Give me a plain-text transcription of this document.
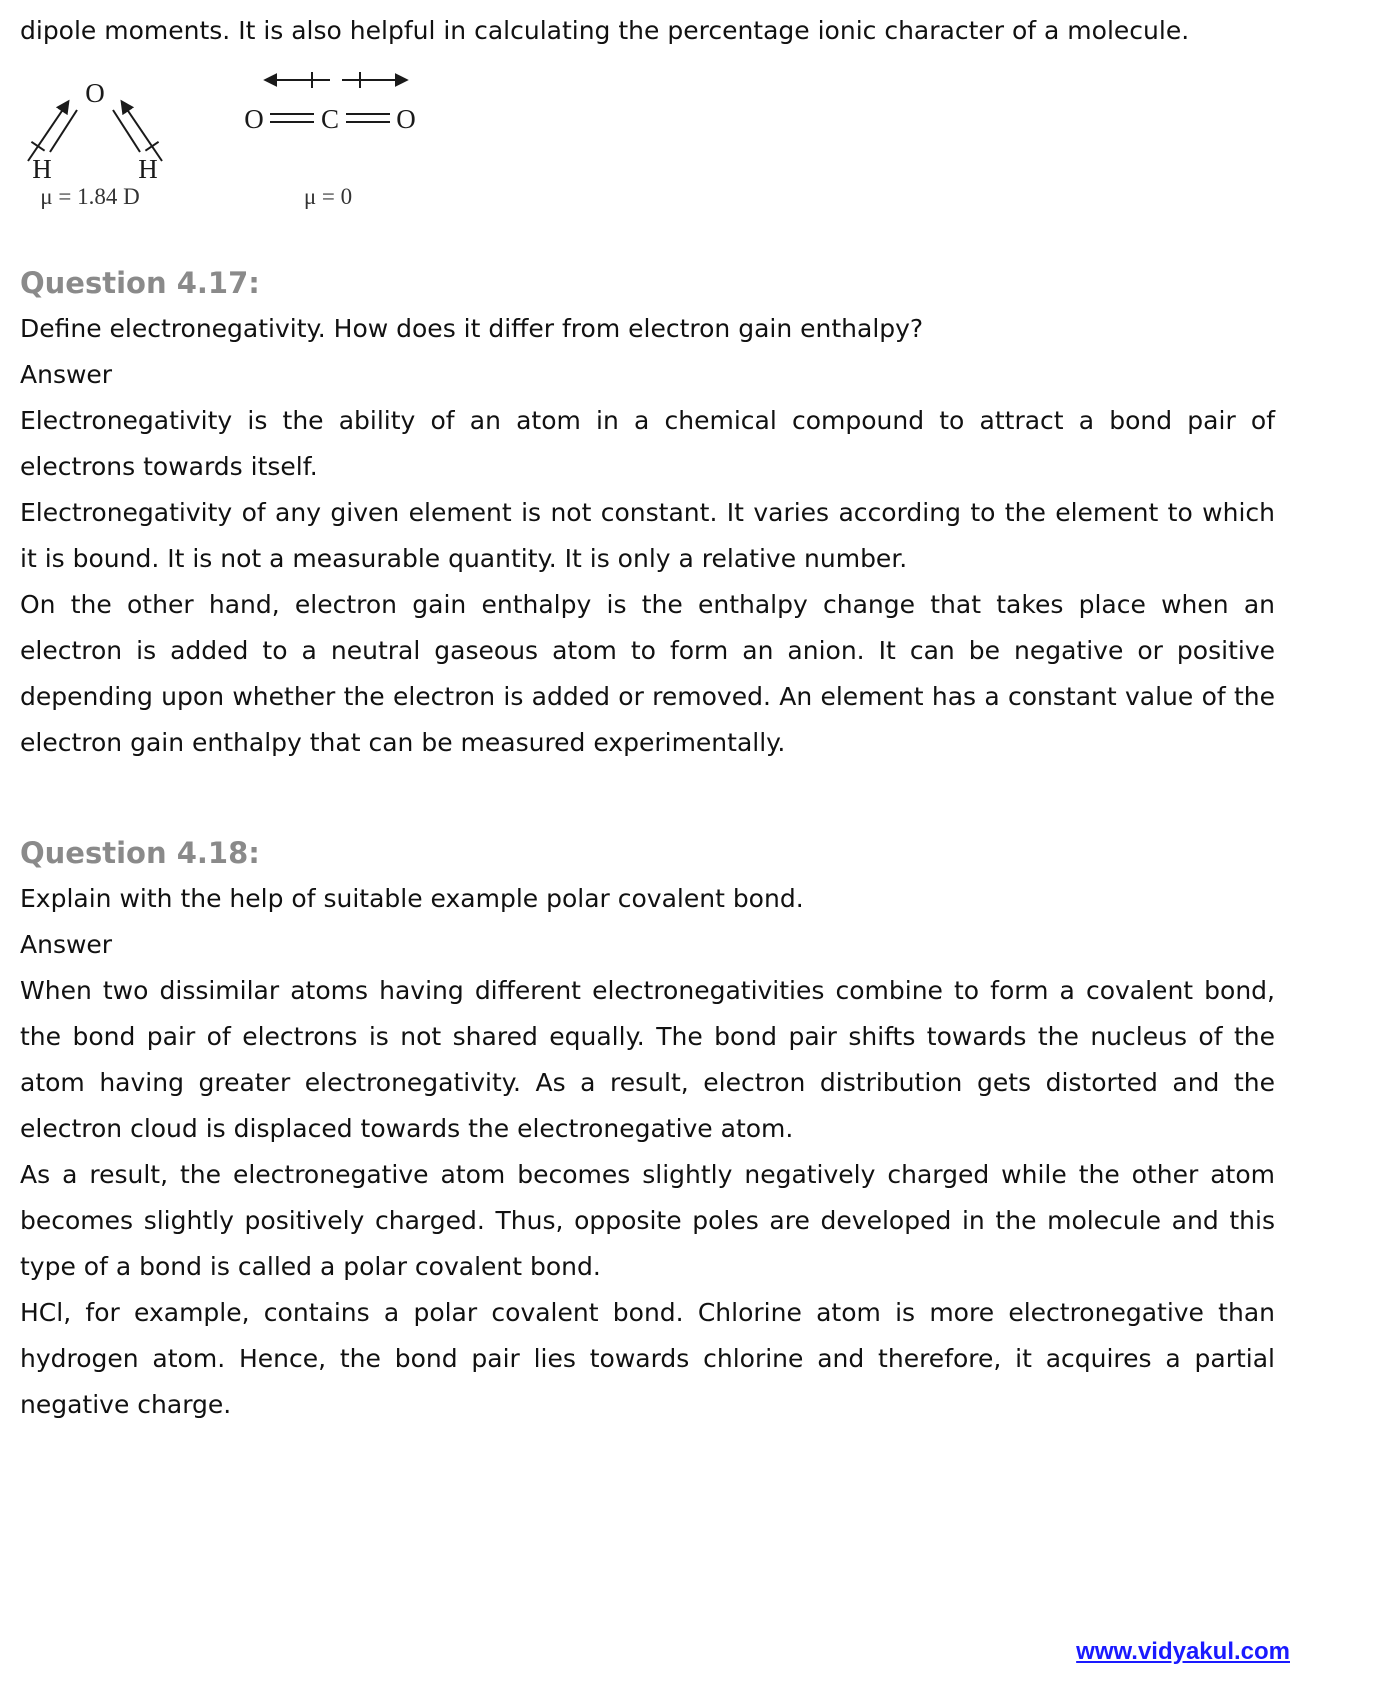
dipole moments. It is also helpful in calculating the percentage ionic character of a molecule.

O
H	H
μ = 1.84 D
O C O
μ = 0
Question 4.17:

Define electronegativity. How does it differ from electron gain enthalpy?

Answer

Electronegativity is the ability of an atom in a chemical compound to attract a bond pair of electrons towards itself.

Electronegativity of any given element is not constant. It varies according to the element to which it is bound. It is not a measurable quantity. It is only a relative number.

On the other hand, electron gain enthalpy is the enthalpy change that takes place when an electron is added to a neutral gaseous atom to form an anion. It can be negative or positive depending upon whether the electron is added or removed. An element has a constant value of the electron gain enthalpy that can be measured experimentally.

Question 4.18:

Explain with the help of suitable example polar covalent bond.

Answer

When two dissimilar atoms having different electronegativities combine to form a covalent bond, the bond pair of electrons is not shared equally. The bond pair shifts towards the nucleus of the atom having greater electronegativity. As a result, electron distribution gets distorted and the electron cloud is displaced towards the electronegative atom.

As a result, the electronegative atom becomes slightly negatively charged while the other atom becomes slightly positively charged. Thus, opposite poles are developed in the molecule and this type of a bond is called a polar covalent bond.

HCl, for example, contains a polar covalent bond. Chlorine atom is more electronegative than hydrogen atom. Hence, the bond pair lies towards chlorine and therefore, it acquires a partial negative charge.

www.vidyakul.com
